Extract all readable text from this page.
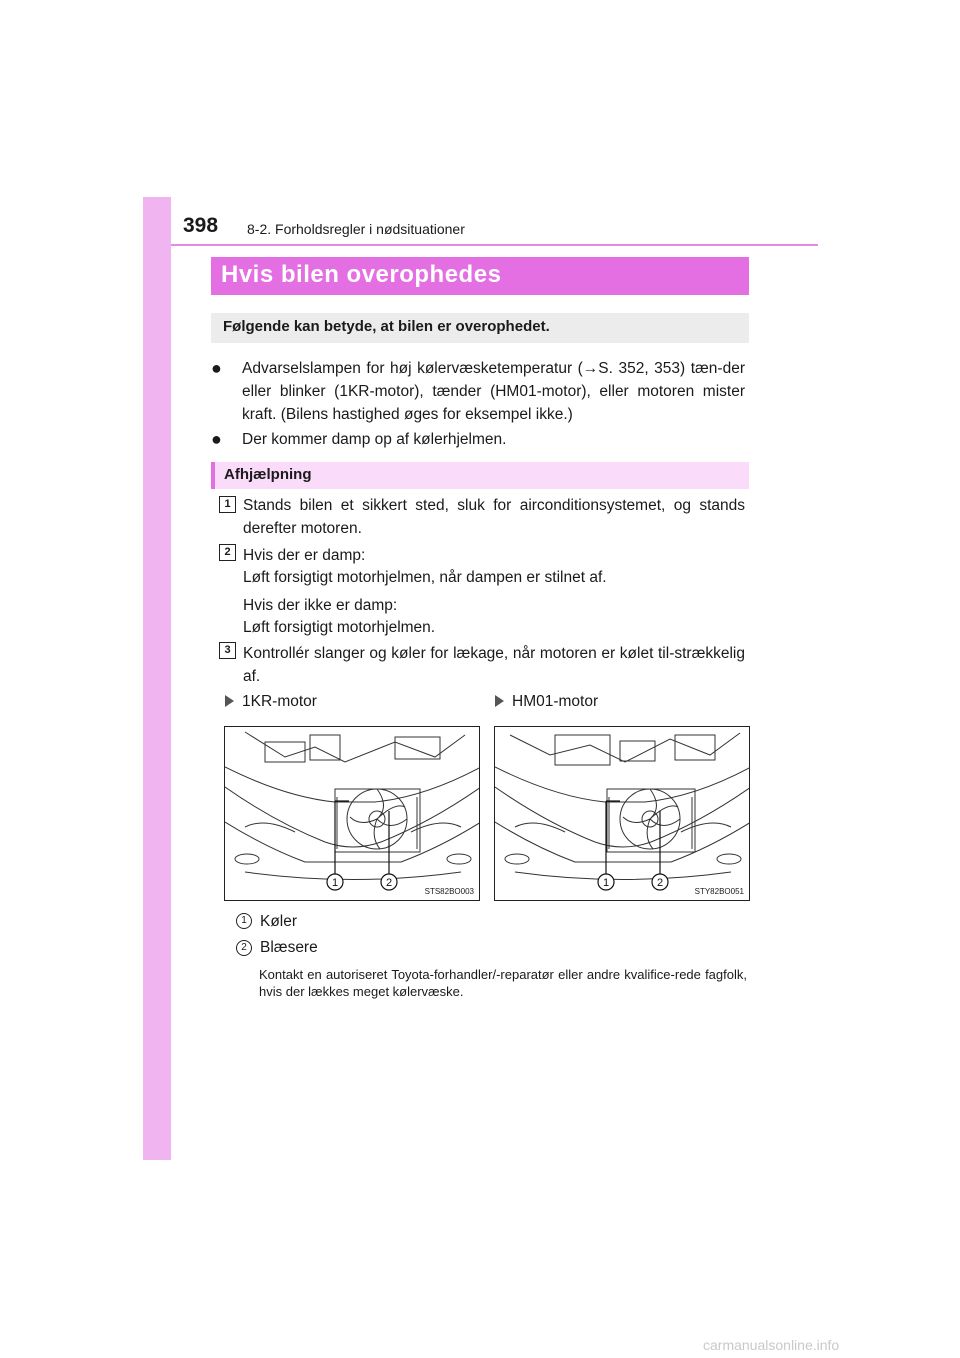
398 8-2. Forholdsregler i nødsituationer
Hvis bilen overophedes
Følgende kan betyde, at bilen er overophedet.
● Advarselslampen for høj kølervæsketemperatur (→S. 352, 353) tæn-der eller blinker (1KR-motor), tænder (HM01-motor), eller motoren mister kraft. (Bilens hastighed øges for eksempel ikke.)
● Der kommer damp op af kølerhjelmen.
Afhjælpning
1 Stands bilen et sikkert sted, sluk for airconditionsystemet, og stands derefter motoren.
2 Hvis der er damp:
Løft forsigtigt motorhjelmen, når dampen er stilnet af.
Hvis der ikke er damp:
Løft forsigtigt motorhjelmen.
3 Kontrollér slanger og køler for lækage, når motoren er kølet til-strækkelig af.
1KR-motor	HM01-motor
1	2
STS82BO003
1	2
STY82BO051
1 Køler
2 Blæsere
Kontakt en autoriseret Toyota-forhandler/-reparatør eller andre kvalifice-rede fagfolk, hvis der lækkes meget kølervæske.
carmanualsonline.info
